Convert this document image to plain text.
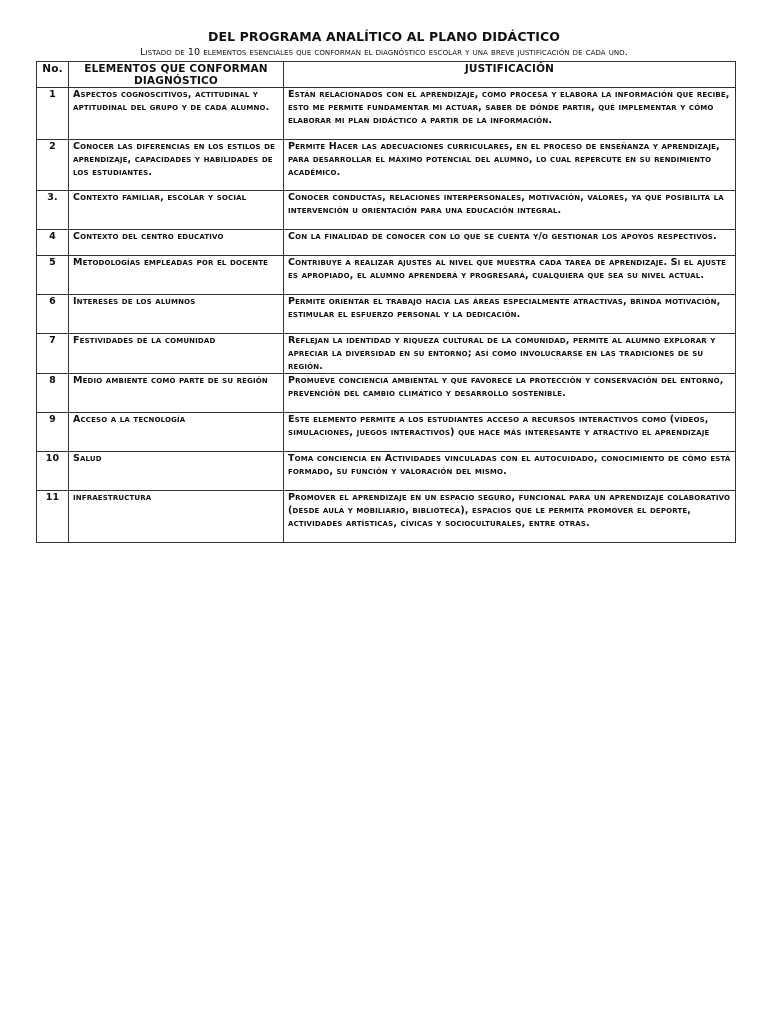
DEL PROGRAMA ANALÍTICO AL PLANO DIDÁCTICO
Listado de 10 elementos esenciales que conforman el diagnóstico escolar y una breve justificación de cada uno.
No.	ELEMENTOS QUE CONFORMAN DIAGNÓSTICO	JUSTIFICACIÓN
1	Aspectos cognoscitivos, actitudinal y aptitudinal del grupo y de cada alumno.	Están relacionados con el aprendizaje, como procesa y elabora la información que recibe, esto me permite fundamentar mi actuar, saber de dónde partir, qué implementar y cómo elaborar mi plan didáctico a partir de la información.
2	Conocer las diferencias en los estilos de aprendizaje, capacidades y habilidades de los estudiantes.	Permite Hacer las adecuaciones curriculares, en el proceso de enseñanza y aprendizaje, para desarrollar el máximo potencial del alumno, lo cual repercute en su rendimiento académico.
3.	Contexto familiar, escolar y social	Conocer conductas, relaciones interpersonales, motivación, valores, ya que posibilita la intervención u orientación para una educación integral.
4	Contexto del centro educativo	Con la finalidad de conocer con lo que se cuenta y/o gestionar los apoyos respectivos.
5	Metodologías empleadas por el docente	Contribuye a realizar ajustes al nivel que muestra cada tarea de aprendizaje. Si el ajuste es apropiado, el alumno aprenderá y progresará, cualquiera que sea su nivel actual.
6	Intereses de los alumnos	Permite orientar el trabajo hacia las áreas especialmente atractivas, brinda motivación, estimular el esfuerzo personal y la dedicación.
7	Festividades de la comunidad	Reflejan la identidad y riqueza cultural de la comunidad, permite al alumno explorar y apreciar la diversidad en su entorno; así como involucrarse en las tradiciones de su región.
8	Medio ambiente como parte de su región	Promueve conciencia ambiental y que favorece la protección y conservación del entorno, prevención del cambio climático y desarrollo sostenible.
9	Acceso a la tecnología	Este elemento permite a los estudiantes acceso a recursos interactivos como (vídeos, simulaciones, juegos interactivos) que hace más interesante y atractivo el aprendizaje
10	Salud	Toma conciencia en Actividades vinculadas con el autocuidado, conocimiento de cómo está formado, su función y valoración del mismo.
11	infraestructura	Promover el aprendizaje en un espacio seguro, funcional para un aprendizaje colaborativo (desde aula y mobiliario, biblioteca), espacios que le permita promover el deporte, actividades artísticas, cívicas y socioculturales, entre otras.
